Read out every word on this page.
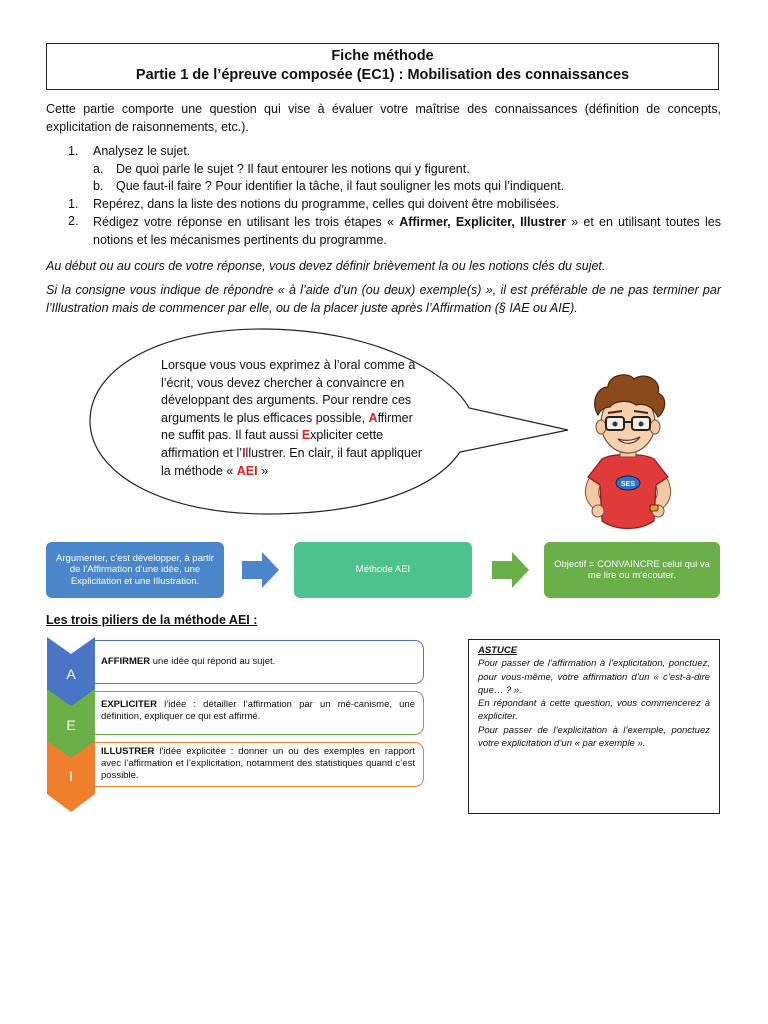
Fiche méthode
Partie 1 de l’épreuve composée (EC1) : Mobilisation des connaissances
Cette partie comporte une question qui vise à évaluer votre maîtrise des connaissances (définition de concepts, explicitation de raisonnements, etc.).
1. Analysez le sujet.
a. De quoi parle le sujet ? Il faut entourer les notions qui y figurent.
b. Que faut-il faire ? Pour identifier la tâche, il faut souligner les mots qui l’indiquent.
1. Repérez, dans la liste des notions du programme, celles qui doivent être mobilisées.
2. Rédigez votre réponse en utilisant les trois étapes « Affirmer, Expliciter, Illustrer » et en utilisant toutes les notions et les mécanismes pertinents du programme.
Au début ou au cours de votre réponse, vous devez définir brièvement la ou les notions clés du sujet.
Si la consigne vous indique de répondre « à l’aide d’un (ou deux) exemple(s) », il est préférable de ne pas terminer par l’Illustration mais de commencer par elle, ou de la placer juste après l’Affirmation (§ IAE ou AIE).
Lorsque vous vous exprimez à l’oral comme à l’écrit, vous devez chercher à convaincre en développant des arguments. Pour rendre ces arguments le plus efficaces possible, Affirmer ne suffit pas. Il faut aussi Expliciter cette affirmation et l’Illustrer. En clair, il faut appliquer la méthode « AEI »
SES
Argumenter, c’est développer, à partir de l’Affirmation d’une idée, une Explicitation et une Illustration.
Méthode AEI
Objectif = CONVAINCRE celui qui va me lire ou m’écouter.
Les trois piliers de la méthode AEI :
AFFIRMER une idée qui répond au sujet.
EXPLICITER l’idée : détailler l’affirmation par un mé-canisme, une définition, expliquer ce qui est affirmé.
ILLUSTRER l’idée explicitée : donner un ou des exemples en rapport avec l’affirmation et l’explicitation, notamment des statistiques quand c’est possible.
A
E
I
ASTUCE
Pour passer de l’affirmation à l’explicitation, ponctuez, pour vous-même, votre affirmation d’un « c’est-à-dire que… ? ».
En répondant à cette question, vous commencerez à expliciter.
Pour passer de l’explicitation à l’exemple, ponctuez votre explicitation d’un « par exemple ».
